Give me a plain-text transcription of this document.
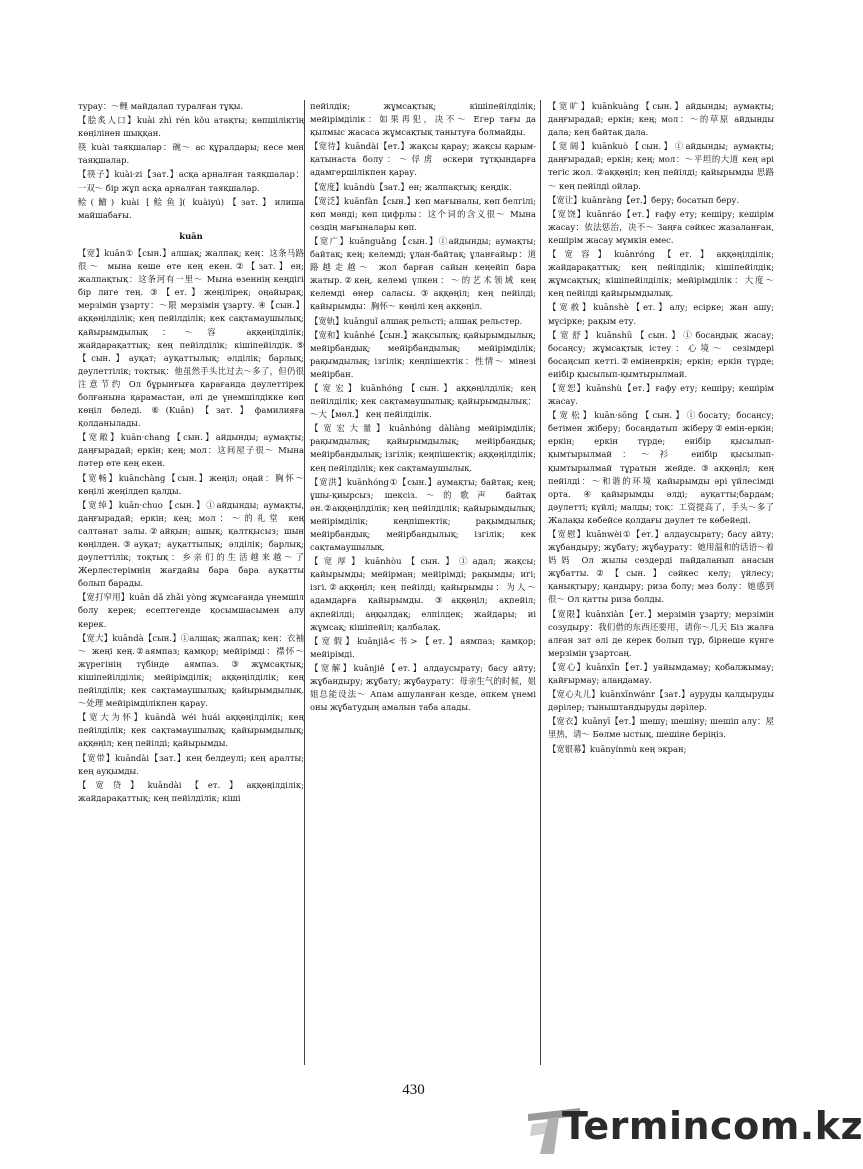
турау：～鲤 майдалап туралған тұқы.

【脍炙人口】kuài zhì rén kǒu атақты; көпшіліктің көңілінен шыққан.

筷 kuài таяқшалар：碗～ ас құралдары; кесе мен таяқшалар.

【筷子】kuài·zi【зат.】асқа арналған таяқшалар：一双～ бір жұп асқа арналған таяқшалар.

鲙(鱠) kuài [鲙鱼]( kuàiyú)【зат.】илиша майшабағы.

kuān

【宽】kuān①【сын.】алшақ; жалпақ; кең：这条马路很～ мына көше өте кең екен.②【зат.】ен; жалпақтық：这条河有一里～ Мына өзеннің кеңдігі бір лиге тең. ③【ет.】жеңілірек; оңайырақ; мерзімін ұзарту：～限 мерзімін ұзарту. ④【сын.】аққөңілділік; кең пейілділік; кек сақтамаушылық; қайырымдылық：～容 аққөңілділік; жайдарақаттық; кең пейілділік; кішіпейілдік.⑤【сын.】ауқат; ауқаттылық; әлділік; барлық; дәулеттілік; тоқтық：他虽然手头比过去～多了，但仍很注意节约 Ол бұрынғыға қарағанда дәулеттірек болғанына қарамастан, әлі де үнемшілдікке көп көңіл бөледі. ⑥(Kuān)【зат.】фамилияға қолданылады.

【宽敞】kuān·chang【сын.】айдынды; аумақты; даңғырадай; еркін; кең; мол：这间屋子很～ Мына пәтер өте кең екен.

【宽畅】kuānchàng【сын.】жеңіл; оңай：胸怀～ көңілі жеңілдеп қалды.

【宽绰】kuān·chuo【сын.】①айдынды; аумақты, даңғырадай; еркін; кең; мол：～的礼堂 кең салтанат залы.②айқын; ашық; қалтқысыз; шын көңілден.③ауқат; ауқаттылық; әлділік; барлық; дәулеттілік; тоқтық：乡亲们的生活越来越～了 Жерлестерімнің жағдайы бара бара ауқатты болып барады.

【宽打窄用】kuān dǎ zhǎi yòng жұмсағанда үнемшіл болу керек; есептегенде қосымшасымен алу керек.

【宽大】kuāndà【сын.】①алшақ; жалпақ; кең：衣袖～ жеңі кең.②аямпаз; қамқор; мейірімді：襟怀～ жүрегінің түбінде аямпаз.③жұмсақтық; кішіпейілділік; мейірімділік; аққөңілділік; кең пейілділік; кек сақтамаушылық; қайырымдылық.～处理 мейірімділікпен қарау.

【宽大为怀】kuāndà wéi huái аққөңілділік; кең пейілділік; кек сақтамаушылық; қайырымдылық; аққөңіл; кең пейілді; қайырымды.

【宽带】kuāndài【зат.】кең белдеулі; кең аралты; кең ауқымды.

【宽贷】kuāndài【ет.】аққөңілділік; жайдарақаттық; кең пейілділік; кіші

пейілдік; жұмсақтық; кішіпейілділік; мейірімділік：如果再犯，决不～ Егер тағы да қылмыс жасаса жұмсақтық танытуға болмайды.

【宽待】kuāndài【ет.】жақсы қарау; жақсы қарым-қатынаста болу：～俘虏 әскери тұтқындарға адамгершілікпен қарау.

【宽度】kuāndù【зат.】ен; жалпақтық; кеңдік.

【宽泛】kuānfàn【сын.】көп мағыналы, көп белгілі; көп мәнді; көп цифрлы：这个词的含义很～ Мына сөздің мағыналары көп.

【宽广】kuānguǎng【сын.】①айдынды; аумақты; байтақ; кең; келемді; ұлан-байтақ; ұланғайыр：道路越走越～ жол барған сайын кеңейіп бара жатыр.②кең, келемі үлкен：～的艺术领域 кең келемді өнер саласы.③аққөңіл; кең пейілді; қайырымды：胸怀～ көңілі кең аққөңіл.

【宽轨】kuānguǐ алшақ рельсті; алшақ рельстер.

【宽和】kuānhé【сын.】жақсылық; қайырымдылық; мейірбандық; мейірбандылық; мейірімділік; рақымдылық; ізгілік; кеңпішектік：性情～ мінезі мейірбан.

【宽宏】kuānhóng【сын.】аққөңілділік; кең пейілділік; кек сақтамаушылық; қайырымдылық：～大【мөл.】 кең пейілділік.

【宽宏大量】kuānhóng dàliàng мейірімділік; рақымдылық; қайырымдылық; мейірбандық; мейірбандылық; ізгілік; кеңпішектік; аққөңілділік; кең пейілділік; кек сақтамаушылық.

【宽洪】kuānhóng①【сын.】аумақты; байтақ; кең; ұшы-қиырсыз; шексіз.～的歌声 байтақ ән.②аққөңілділік; кең пейілділік; қайырымдылық; мейірімділік; кеңпішектік; рақымдылық; мейірбандық; мейірбандылық; ізгілік; кек сақтамаушылық.

【宽厚】kuānhòu【сын.】①адал; жақсы; қайырымды; мейірман; мейірімді; рақымды; игі; ізгі.②аққөңіл; кең пейілді; қайырымды：为人～ адамдарға қайырымды. ③аққөңіл; ақпейіл; ақпейілді; аңқылдақ; елпілдек; жайдары; иі жұмсақ; кішіпейіл; қалбалақ.

【宽假】kuānjiǎ<书>【ет.】аямпаз; қамқор; мейірімді.

【宽解】kuānjiě【ет.】алдаусырату; басу айту; жұбандыру; жұбату; жұбаурату：母亲生气的时候，姐姐总能设法～ Апам ашуланған кезде, әпкем үнемі оны жұбатудың амалын таба алады.

【宽旷】kuānkuàng【сын.】айдынды; аумақты; даңғырадай; еркін; кең; мол：～的草原 айдынды дала; кең байтақ дала.

【宽阔】kuānkuò【сын.】①айдынды; аумақты; даңғырадай; еркін; кең; мол：～平坦的大道 кең әрі тегіс жол. ②аққөңіл; кең пейілді; қайырымды 思路～ кең пейілді ойлар.

【宽让】kuānràng【ет.】беру; босатып беру.

【宽饶】kuānráo【ет.】ғафу ету; кешіру; кешірім жасау：依法惩治，决不～ Заңға сәйкес жазаланған, кешірім жасау мүмкін емес.

【宽容】kuānróng【ет.】аққөңілділік; жайдарақаттық; кең пейілділік; кішіпейілдік; жұмсақтық; кішіпейілділік; мейірімділік：大度～ кең пейілді қайырымдылық.

【宽赦】kuānshè【ет.】алу; есірке; жан ашу; мүсірке; рақым ету.

【宽舒】kuānshū【сын.】①босаңдық жасау; босаңсу; жұмсақтық істеу：心境～ сезімдері босаңсып кетті.②еміненркін; еркін; еркін түрде; еиібір қысылып-қымтырылмай.

【宽恕】kuānshù【ет.】ғафу ету; кешіру; кешірім жасау.

【宽松】kuān·sōng【сын.】①босату; босаңсу; бетімен жіберу; босаңдатып жіберу②емін-еркін; еркін; еркін түрде; еиібір қысылып-қымтырылмай：～衫 еиібір қысылып-қымтырылмай тұратын жейде.③аққөңіл; кең пейілді：～和谐的环境 қайырымды әрі үйлесімді орта. ④қайырымды әлді; ауқатты;бардам; дәулетті; күйлі; малды; тоқ：工资提高了，手头～多了 Жалақы көбейсе қолдағы дәулет те көбейеді.

【宽慰】kuānwèi①【ет.】алдаусырату; басу айту; жұбандыру; жұбату; жұбаурату：她用温和的话语～着妈妈 Ол жылы сөздерді пайдаланып анасын жұбатты.②【сын.】сәйкес келу; үйлесу; қанықтыру; қандыру; риза болу; мәз болу：她感到很～ Ол қатты риза болды.

【宽限】kuānxiàn【ет.】мерзімін ұзарту; мерзімін созудыру：我们借的东西还要用，请你～几天 Біз жалға алған зат әлі де керек болып тұр, бірнеше күнге мерзімін ұзартсаң.

【宽心】kuānxīn【ет.】уайымдамау; қобалжымау; қайғырмау; алаңдамау.

【宽心丸儿】kuānxīnwánr【зат.】ауруды қалдыруды дәрілер; тыныштандыруды дәрілер.

【宽衣】kuānyī【ет.】шешу; шешіну; шешіп алу：屋里热，请～ Бөлме ыстық, шешіне беріңіз.

【宽银幕】kuānyínmù кең экран;

430
Termincom.kz
